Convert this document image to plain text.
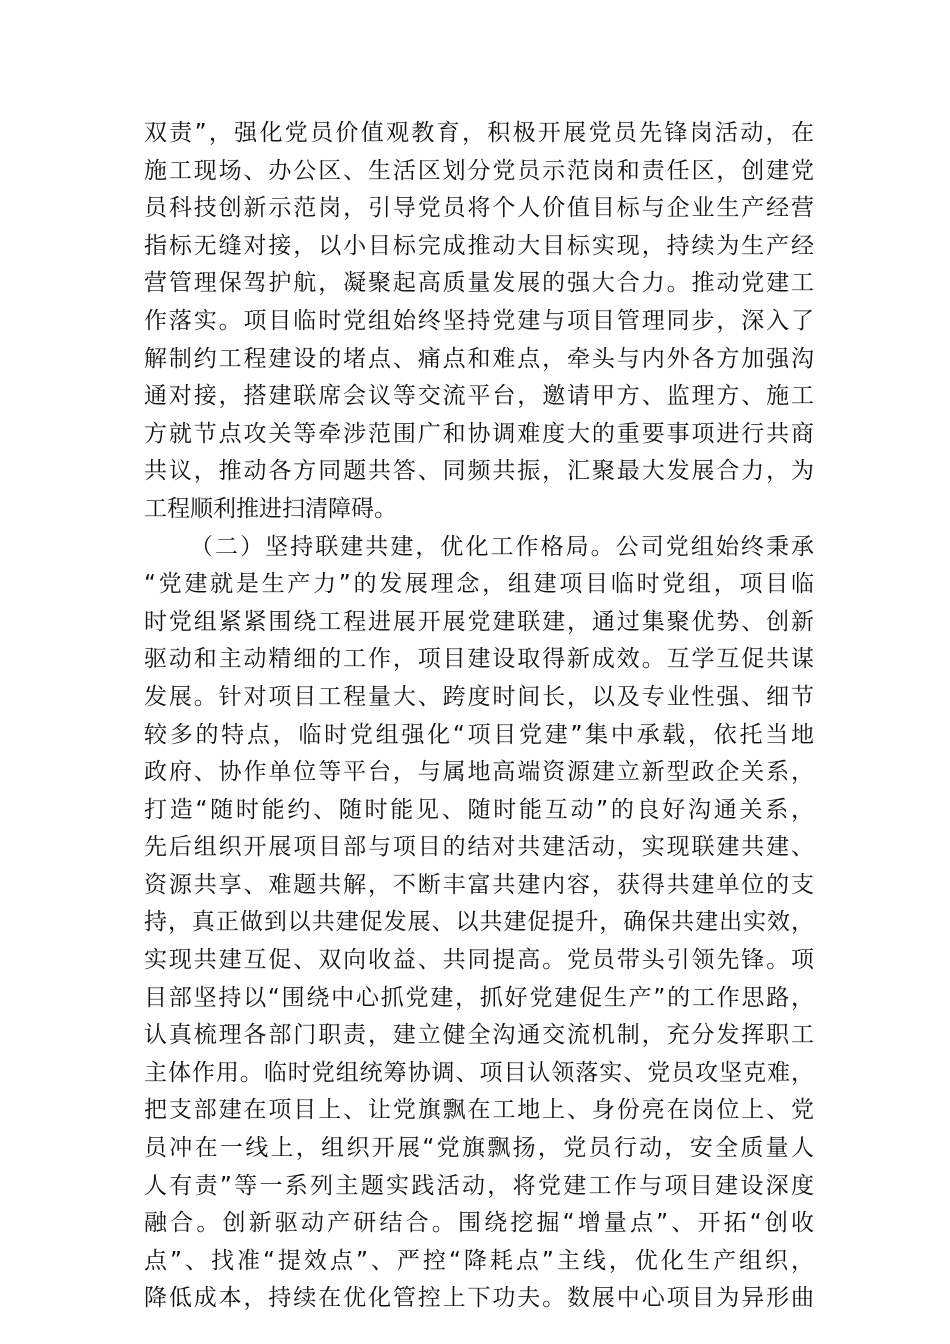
双责”，强化党员价值观教育，积极开展党员先锋岗活动，在
施工现场、办公区、生活区划分党员示范岗和责任区，创建党
员科技创新示范岗，引导党员将个人价值目标与企业生产经营
指标无缝对接，以小目标完成推动大目标实现，持续为生产经
营管理保驾护航，凝聚起高质量发展的强大合力。推动党建工
作落实。项目临时党组始终坚持党建与项目管理同步，深入了
解制约工程建设的堵点、痛点和难点，牵头与内外各方加强沟
通对接，搭建联席会议等交流平台，邀请甲方、监理方、施工
方就节点攻关等牵涉范围广和协调难度大的重要事项进行共商
共议，推动各方同题共答、同频共振，汇聚最大发展合力，为
工程顺利推进扫清障碍。
（二）坚持联建共建，优化工作格局。公司党组始终秉承
“党建就是生产力”的发展理念，组建项目临时党组，项目临
时党组紧紧围绕工程进展开展党建联建，通过集聚优势、创新
驱动和主动精细的工作，项目建设取得新成效。互学互促共谋
发展。针对项目工程量大、跨度时间长，以及专业性强、细节
较多的特点，临时党组强化“项目党建”集中承载，依托当地
政府、协作单位等平台，与属地高端资源建立新型政企关系，
打造“随时能约、随时能见、随时能互动”的良好沟通关系，
先后组织开展项目部与项目的结对共建活动，实现联建共建、
资源共享、难题共解，不断丰富共建内容，获得共建单位的支
持，真正做到以共建促发展、以共建促提升，确保共建出实效，
实现共建互促、双向收益、共同提高。党员带头引领先锋。项
目部坚持以“围绕中心抓党建，抓好党建促生产”的工作思路，
认真梳理各部门职责，建立健全沟通交流机制，充分发挥职工
主体作用。临时党组统筹协调、项目认领落实、党员攻坚克难，
把支部建在项目上、让党旗飘在工地上、身份亮在岗位上、党
员冲在一线上，组织开展“党旗飘扬，党员行动，安全质量人
人有责”等一系列主题实践活动，将党建工作与项目建设深度
融合。创新驱动产研结合。围绕挖掘“增量点”、开拓“创收
点”、找准“提效点”、严控“降耗点”主线，优化生产组织，
降低成本，持续在优化管控上下功夫。数展中心项目为异形曲
